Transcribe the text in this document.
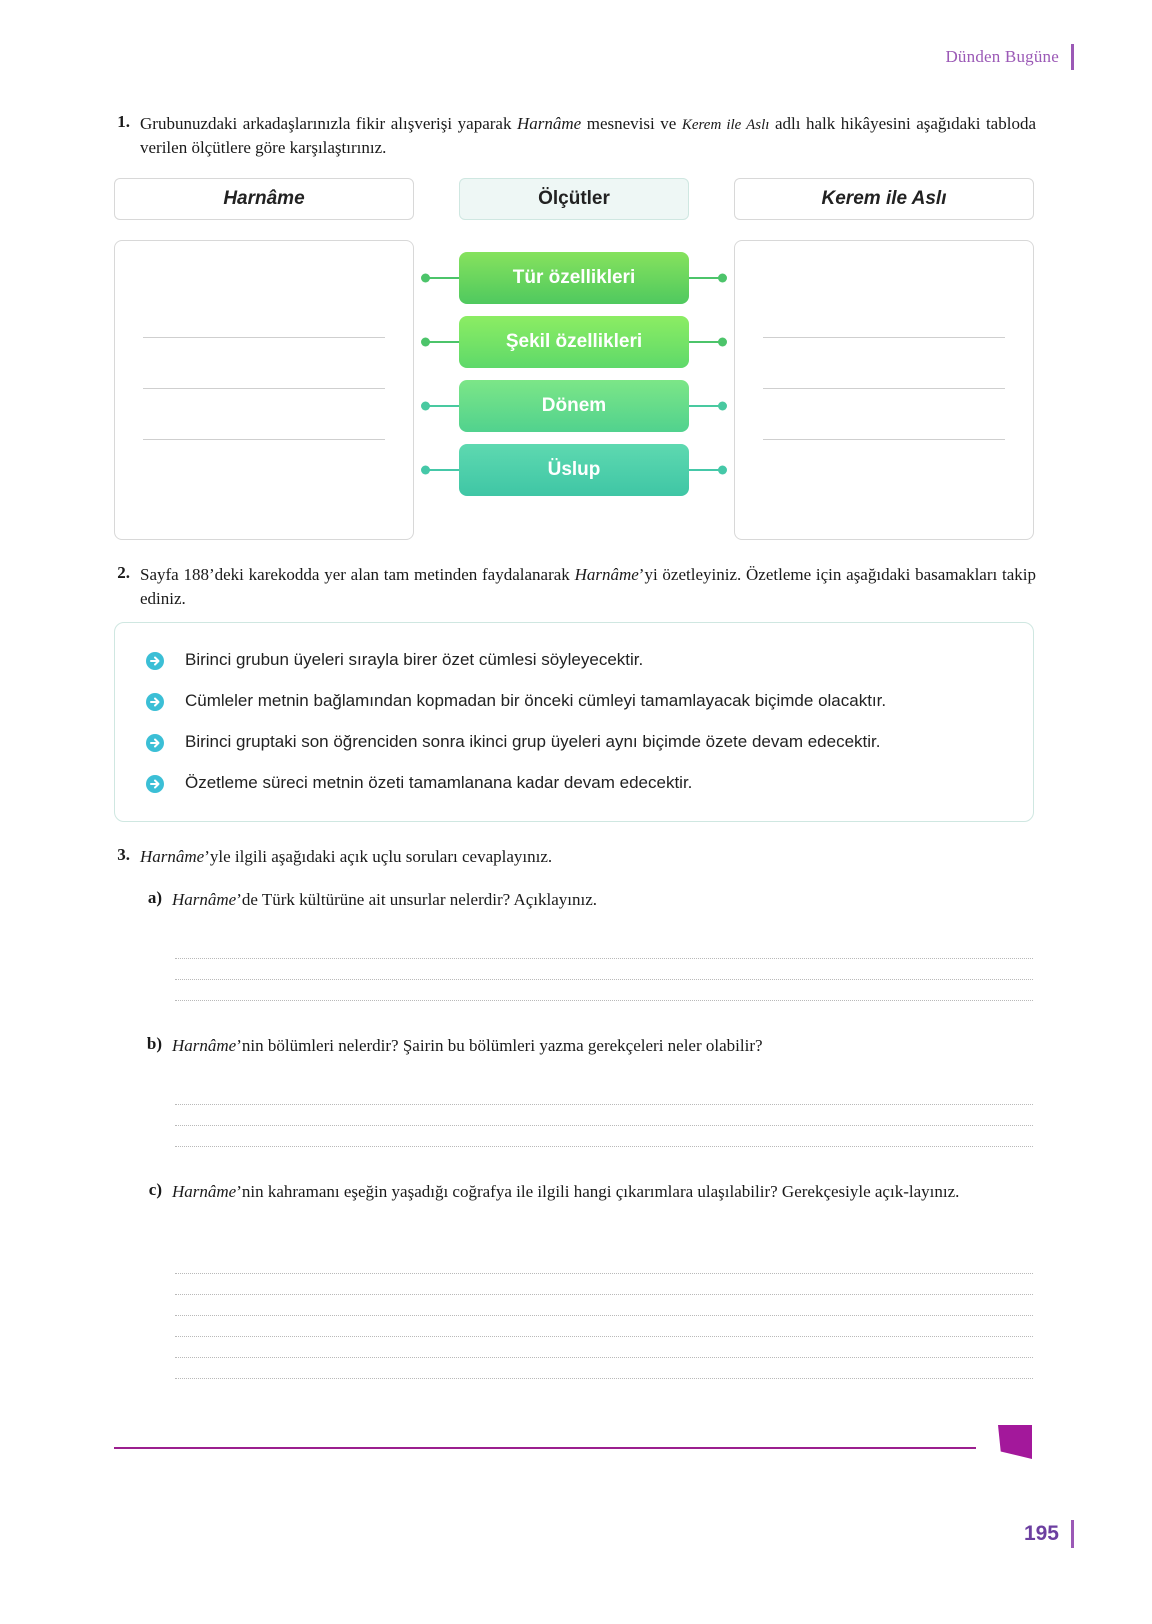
Dünden Bugüne
1. Grubunuzdaki arkadaşlarınızla fikir alışverişi yaparak Harnâme mesnevisi ve Kerem ile Aslı adlı halk hikâyesini aşağıdaki tabloda verilen ölçütlere göre karşılaştırınız.
Harnâme	Ölçütler	Kerem ile Aslı
Tür özellikleri
Şekil özellikleri
Dönem
Üslup
2. Sayfa 188’deki karekodda yer alan tam metinden faydalanarak Harnâme’yi özetleyiniz. Özetleme için aşağıdaki basamakları takip ediniz.
Birinci grubun üyeleri sırayla birer özet cümlesi söyleyecektir.
Cümleler metnin bağlamından kopmadan bir önceki cümleyi tamamlayacak biçimde olacaktır.
Birinci gruptaki son öğrenciden sonra ikinci grup üyeleri aynı biçimde özete devam edecektir.
Özetleme süreci metnin özeti tamamlanana kadar devam edecektir.
3. Harnâme’yle ilgili aşağıdaki açık uçlu soruları cevaplayınız.
a) Harnâme’de Türk kültürüne ait unsurlar nelerdir? Açıklayınız.
b) Harnâme’nin bölümleri nelerdir? Şairin bu bölümleri yazma gerekçeleri neler olabilir?
c) Harnâme’nin kahramanı eşeğin yaşadığı coğrafya ile ilgili hangi çıkarımlara ulaşılabilir? Gerekçesiyle açık-layınız.
195
